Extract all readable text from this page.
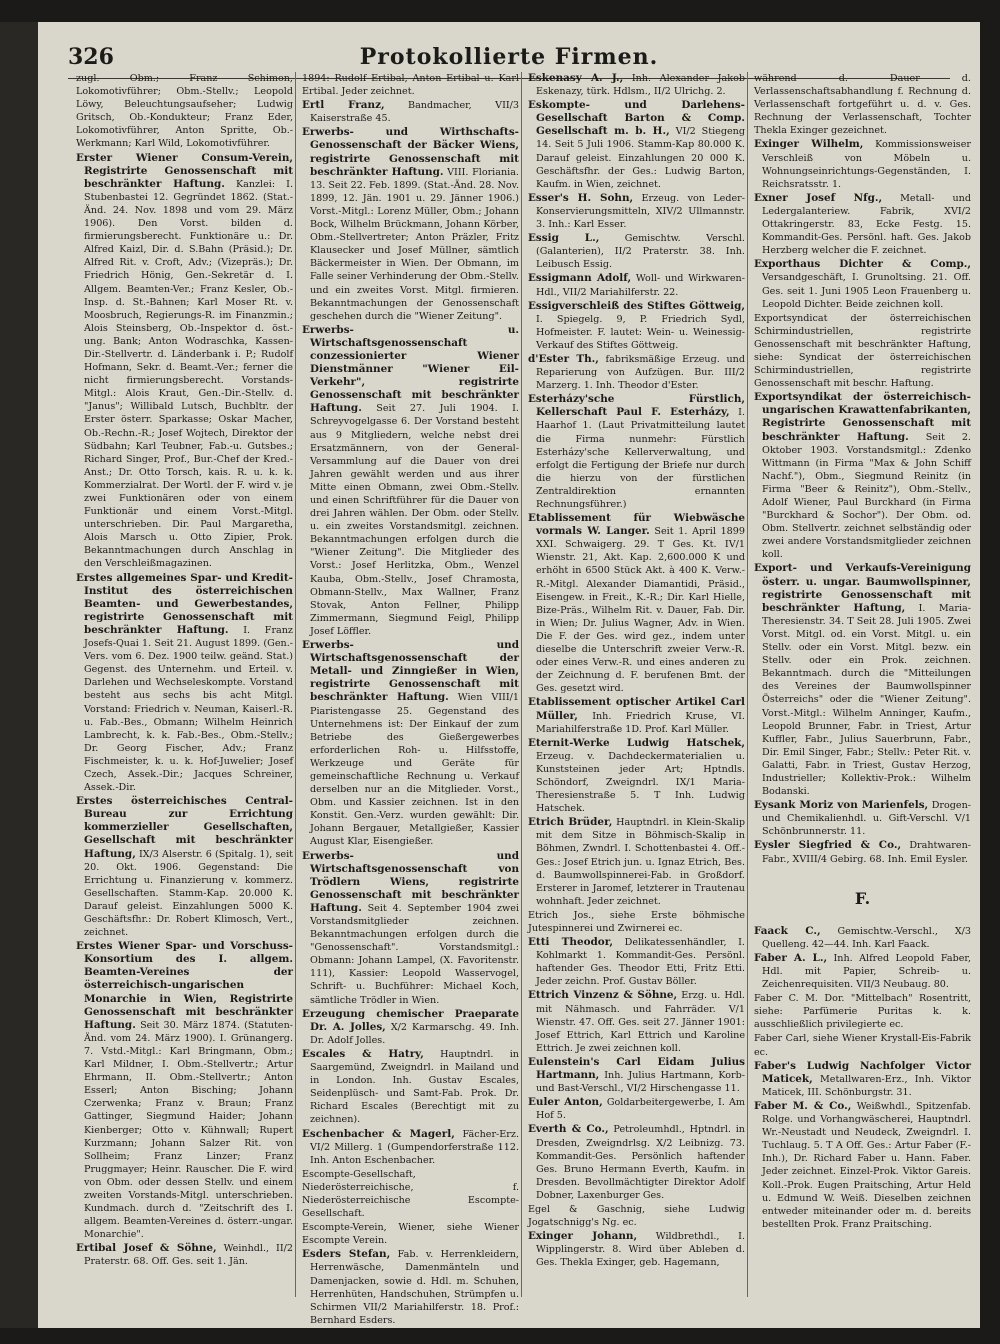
326	Protokollierte Firmen.
zugl. Obm.; Franz Schimon, Lokomotivführer; Obm.-Stellv.; Leopold Löwy, Beleuchtungsaufseher; Ludwig Gritsch, Ob.-Kondukteur; Franz Eder, Lokomotivführer, Anton Spritte, Ob.-Werkmann; Karl Wild, Lokomotivführer.
Erster Wiener Consum-Verein, Registrirte Genossenschaft mit beschränkter Haftung. Kanzlei: I. Stubenbastei 12. Gegründet 1862. (Stat.-Änd. 24. Nov. 1898 und vom 29. März 1906). Den Vorst. bilden d. firmierungsberecht. Funktionäre u.: Dr. Alfred Kaizl, Dir. d. S.Bahn (Präsid.); Dr. Alfred Rit. v. Croft, Adv.; (Vizepräs.); Dr. Friedrich Hönig, Gen.-Sekretär d. I. Allgem. Beamten-Ver.; Franz Kesler, Ob.-Insp. d. St.-Bahnen; Karl Moser Rt. v. Moosbruch, Regierungs-R. im Finanzmin.; Alois Steinsberg, Ob.-Inspektor d. öst.-ung. Bank; Anton Wodraschka, Kassen-Dir.-Stellvertr. d. Länderbank i. P.; Rudolf Hofmann, Sekr. d. Beamt.-Ver.; ferner die nicht firmierungsberecht. Vorstands-Mitgl.: Alois Kraut, Gen.-Dir.-Stellv. d. "Janus"; Willibald Lutsch, Buchbltr. der Erster österr. Sparkasse; Oskar Macher, Ob.-Rechn.-R.; Josef Wojtech, Direktor der Südbahn; Karl Teubner, Fab.-u. Gutsbes.; Richard Singer, Prof., Bur.-Chef der Kred.-Anst.; Dr. Otto Torsch, kais. R. u. k. k. Kommerzialrat. Der Wortl. der F. wird v. je zwei Funktionären oder von einem Funktionär und einem Vorst.-Mitgl. unterschrieben. Dir. Paul Margaretha, Alois Marsch u. Otto Zipier, Prok. Bekanntmachungen durch Anschlag in den Verschleißmagazinen.
Erstes allgemeines Spar- und Kredit-Institut des österreichischen Beamten- und Gewerbestandes, registrirte Genossenschaft mit beschränkter Haftung. I. Franz Josefs-Quai 1. Seit 21. August 1899. (Gen.-Vers. vom 6. Dez. 1900 teilw. geänd. Stat.) Gegenst. des Unternehm. und Erteil. v. Darlehen und Wechseleskompte. Vorstand besteht aus sechs bis acht Mitgl. Vorstand: Friedrich v. Neuman, Kaiserl.-R. u. Fab.-Bes., Obmann; Wilhelm Heinrich Lambrecht, k. k. Fab.-Bes., Obm.-Stellv.; Dr. Georg Fischer, Adv.; Franz Fischmeister, k. u. k. Hof-Juwelier; Josef Czech, Assek.-Dir.; Jacques Schreiner, Assek.-Dir.
Erstes österreichisches Central-Bureau zur Errichtung kommerzieller Gesellschaften, Gesellschaft mit beschränkter Haftung, IX/3 Alserstr. 6 (Spitalg. 1), seit 20. Okt. 1906. Gegenstand: Die Errichtung u. Finanzierung v. kommerz. Gesellschaften. Stamm-Kap. 20.000 K. Darauf geleist. Einzahlungen 5000 K. Geschäftsfhr.: Dr. Robert Klimosch, Vert., zeichnet.
Erstes Wiener Spar- und Vorschuss-Konsortium des I. allgem. Beamten-Vereines der österreichisch-ungarischen Monarchie in Wien, Registrirte Genossenschaft mit beschränkter Haftung. Seit 30. März 1874. (Statuten-Änd. vom 24. März 1900). I. Grünangerg. 7. Vstd.-Mitgl.: Karl Bringmann, Obm.; Karl Mildner, I. Obm.-Stellvertr.; Artur Ehrmann, II. Obm.-Stellvertr.; Anton Esserl; Anton Bisching; Johann Czerwenka; Franz v. Braun; Franz Gattinger, Siegmund Haider; Johann Kienberger; Otto v. Kühnwall; Rupert Kurzmann; Johann Salzer Rit. von Sollheim; Franz Linzer; Franz Pruggmayer; Heinr. Rauscher. Die F. wird von Obm. oder dessen Stellv. und einem zweiten Vorstands-Mitgl. unterschrieben. Kundmach. durch d. "Zeitschrift des I. allgem. Beamten-Vereines d. österr.-ungar. Monarchie".
Ertibal Josef & Söhne, Weinhdl., II/2 Praterstr. 68. Off. Ges. seit 1. Jän.
1894: Rudolf Ertibal, Anton Ertibal u. Karl Ertibal. Jeder zeichnet.
Ertl Franz, Bandmacher, VII/3 Kaiserstraße 45.
Erwerbs- und Wirthschafts-Genossenschaft der Bäcker Wiens, registrirte Genossenschaft mit beschränkter Haftung. VIII. Floriania. 13. Seit 22. Feb. 1899. (Stat.-Änd. 28. Nov. 1899, 12. Jän. 1901 u. 29. Jänner 1906.) Vorst.-Mitgl.: Lorenz Müller, Obm.; Johann Bock, Wilhelm Brückmann, Johann Körber, Obm.-Stellvertreter; Anton Präzler, Fritz Klausecker und Josef Müllner, sämtlich Bäckermeister in Wien. Der Obmann, im Falle seiner Verhinderung der Obm.-Stellv. und ein zweites Vorst. Mitgl. firmieren. Bekanntmachungen der Genossenschaft geschehen durch die "Wiener Zeitung".
Erwerbs- u. Wirtschaftsgenossenschaft conzessionierter Wiener Dienstmänner "Wiener Eil-Verkehr", registrirte Genossenschaft mit beschränkter Haftung. Seit 27. Juli 1904. I. Schreyvogelgasse 6. Der Vorstand besteht aus 9 Mitgliedern, welche nebst drei Ersatzmännern, von der General-Versammlung auf die Dauer von drei Jahren gewählt werden und aus ihrer Mitte einen Obmann, zwei Obm.-Stellv. und einen Schriftführer für die Dauer von drei Jahren wählen. Der Obm. oder Stellv. u. ein zweites Vorstandsmitgl. zeichnen. Bekanntmachungen erfolgen durch die "Wiener Zeitung". Die Mitglieder des Vorst.: Josef Herlitzka, Obm., Wenzel Kauba, Obm.-Stellv., Josef Chramosta, Obmann-Stellv., Max Wallner, Franz Stovak, Anton Fellner, Philipp Zimmermann, Siegmund Feigl, Philipp Josef Löffler.
Erwerbs- und Wirtschaftsgenossenschaft der Metall- und Zinngießer in Wien, registrirte Genossenschaft mit beschränkter Haftung. Wien VIII/1 Piaristengasse 25. Gegenstand des Unternehmens ist: Der Einkauf der zum Betriebe des Gießergewerbes erforderlichen Roh- u. Hilfsstoffe, Werkzeuge und Geräte für gemeinschaftliche Rechnung u. Verkauf derselben nur an die Mitglieder. Vorst., Obm. und Kassier zeichnen. Ist in den Konstit. Gen.-Verz. wurden gewählt: Dir. Johann Bergauer, Metallgießer, Kassier August Klar, Eisengießer.
Erwerbs- und Wirtschaftsgenossenschaft von Trödlern Wiens, registrirte Genossenschaft mit beschränkter Haftung. Seit 4. September 1904 zwei Vorstandsmitglieder zeichnen. Bekanntmachungen erfolgen durch die "Genossenschaft". Vorstandsmitgl.: Obmann: Johann Lampel, (X. Favoritenstr. 111), Kassier: Leopold Wasservogel, Schrift- u. Buchführer: Michael Koch, sämtliche Trödler in Wien.
Erzeugung chemischer Praeparate Dr. A. Jolles, X/2 Karmarschg. 49. Inh. Dr. Adolf Jolles.
Escales & Hatry, Hauptndrl. in Saargemünd, Zweigndrl. in Mailand und in London. Inh. Gustav Escales, Seidenplüsch- und Samt-Fab. Prok. Dr. Richard Escales (Berechtigt mit zu zeichnen).
Eschenbacher & Magerl, Fächer-Erz. VI/2 Millerg. 1 (Gumpendorferstraße 112. Inh. Anton Eschenbacher.
Escompte-Gesellschaft, Niederösterreichische, f. Niederösterreichische Escompte-Gesellschaft.
Escompte-Verein, Wiener, siehe Wiener Escompte Verein.
Esders Stefan, Fab. v. Herrenkleidern, Herrenwäsche, Damenmänteln und Damenjacken, sowie d. Hdl. m. Schuhen, Herrenhüten, Handschuhen, Strümpfen u. Schirmen VII/2 Mariahilferstr. 18. Prof.: Bernhard Esders.
Eskenasy A. J., Inh. Alexander Jakob Eskenazy, türk. Hdlsm., II/2 Ulrichg. 2.
Eskompte- und Darlehens-Gesellschaft Barton & Comp. Gesellschaft m. b. H., VI/2 Stiegeng 14. Seit 5 Juli 1906. Stamm-Kap 80.000 K. Darauf geleist. Einzahlungen 20 000 K. Geschäftsfhr. der Ges.: Ludwig Barton, Kaufm. in Wien, zeichnet.
Esser's H. Sohn, Erzeug. von Leder-Konservierungsmitteln, XIV/2 Ullmannstr. 3. Inh.: Karl Esser.
Essig L.,	Gemischtw. Verschl. (Galanterien), II/2 Praterstr. 38. Inh. Leibusch Essig.
Essigmann Adolf, Woll- und Wirkwaren-Hdl., VII/2 Mariahilferstr. 22.
Essigverschleiß des Stiftes Göttweig, I. Spiegelg. 9, P. Friedrich Sydl, Hofmeister. F. lautet: Wein- u. Weinessig-Verkauf des Stiftes Göttweig.
d'Ester Th., fabriksmäßige Erzeug. und Reparierung von Aufzügen. Bur. III/2 Marzerg. 1. Inh. Theodor d'Ester.
Esterházy'sche Fürstlich, Kellerschaft Paul F. Esterházy, I. Haarhof 1. (Laut Privatmitteilung lautet die Firma nunmehr: Fürstlich Esterházy'sche Kellerverwaltung, und erfolgt die Fertigung der Briefe nur durch die hierzu von der fürstlichen Zentraldirektion ernannten Rechnungsführer.)
Etablissement für Wiebwäsche vormals W. Langer. Seit 1. April 1899 XXI. Schwaigerg. 29. T Ges. Kt. IV/1 Wienstr. 21, Akt. Kap. 2,600.000 K und erhöht in 6500 Stück Akt. à 400 K. Verw.-R.-Mitgl. Alexander Diamantidi, Präsid., Eisengew. in Freit., K.-R.; Dir. Karl Hielle, Bize-Präs., Wilhelm Rit. v. Dauer, Fab. Dir. in Wien; Dr. Julius Wagner, Adv. in Wien. Die F. der Ges. wird gez., indem unter dieselbe die Unterschrift zweier Verw.-R. oder eines Verw.-R. und eines anderen zu der Zeichnung d. F. berufenen Bmt. der Ges. gesetzt wird.
Etablissement optischer Artikel Carl Müller, Inh. Friedrich Kruse, VI. Mariahilferstraße 1D. Prof. Karl Müller.
Eternit-Werke Ludwig Hatschek, Erzeug. v. Dachdeckermaterialien u. Kunststeinen jeder Art; Hptndls. Schöndorf, Zweigndrl. IX/1 Maria-Theresienstraße 5. T Inh. Ludwig Hatschek.
Etrich Brüder, Hauptndrl. in Klein-Skalip mit dem Sitze in Böhmisch-Skalip in Böhmen, Zwndrl. I. Schottenbastei 4. Off.-Ges.: Josef Etrich jun. u. Ignaz Etrich, Bes. d. Baumwollspinnerei-Fab. in Großdorf. Ersterer in Jaromef, letzterer in Trautenau wohnhaft. Jeder zeichnet.
Etrich Jos., siehe Erste böhmische Jutespinnerei und Zwirnerei ec.
Etti Theodor, Delikatessenhändler, I. Kohlmarkt 1. Kommandit-Ges. Persönl. haftender Ges. Theodor Etti, Fritz Etti. Jeder zeichn. Prof. Gustav Böller.
Ettrich Vinzenz & Söhne, Erzg. u. Hdl. mit Nähmasch. und Fahrräder. V/1 Wienstr. 47. Off. Ges. seit 27. Jänner 1901: Josef Ettrich, Karl Ettrich und Karoline Ettrich. Je zwei zeichnen koll.
Eulenstein's Carl Eidam Julius Hartmann, Inh. Julius Hartmann, Korb- und Bast-Verschl., VI/2 Hirschengasse 11.
Euler Anton, Goldarbeitergewerbe, I. Am Hof 5.
Everth & Co., Petroleumhdl., Hptndrl. in Dresden, Zweigndrlsg. X/2 Leibnizg. 73. Kommandit-Ges. Persönlich haftender Ges. Bruno Hermann Everth, Kaufm. in Dresden. Bevollmächtigter Direktor Adolf Dobner, Laxenburger Ges.
Egel & Gaschnig, siehe Ludwig Jogatschnigg's Ng. ec.
Exinger Johann, Wildbrethdl., I. Wipplingerstr. 8. Wird über Ableben d. Ges. Thekla Exinger, geb. Hagemann,
während d. Dauer d. Verlassenschaftsabhandlung f. Rechnung d. Verlassenschaft fortgeführt u. d. v. Ges. Rechnung der Verlassenschaft, Tochter Thekla Exinger gezeichnet.
Exinger Wilhelm, Kommissionsweiser Verschleiß von Möbeln u. Wohnungseinrichtungs-Gegenständen, I. Reichsratsstr. 1.
Exner Josef Nfg., Metall- und Ledergalanteriew. Fabrik, XVI/2 Ottakringerstr. 83, Ecke Festg. 15. Kommandit-Ges. Persönl. haft. Ges. Jakob Herzberg welcher die F. zeichnet.
Exporthaus Dichter & Comp., Versandgeschäft, I. Grunoltsing. 21. Off. Ges. seit 1. Juni 1905 Leon Frauenberg u. Leopold Dichter. Beide zeichnen koll.
Exportsyndicat der österreichischen Schirmindustriellen, registrirte Genossenschaft mit beschränkter Haftung, siehe: Syndicat der österreichischen Schirmindustriellen, registrirte Genossenschaft mit beschr. Haftung.
Exportsyndikat der österreichisch-ungarischen Krawattenfabrikanten, Registrirte Genossenschaft mit beschränkter Haftung. Seit 2. Oktober 1903. Vorstandsmitgl.: Zdenko Wittmann (in Firma "Max & John Schiff Nachf."), Obm., Siegmund Reinitz (in Firma "Beer & Reinitz"), Obm.-Stellv., Adolf Wiener, Paul Burckhard (in Firma "Burckhard & Sochor"). Der Obm. od. Obm. Stellvertr. zeichnet selbständig oder zwei andere Vorstandsmitglieder zeichnen koll.
Export- und Verkaufs-Vereinigung österr. u. ungar. Baumwollspinner, registrirte Genossenschaft mit beschränkter Haftung, I. Maria-Theresienstr. 34. T Seit 28. Juli 1905. Zwei Vorst. Mitgl. od. ein Vorst. Mitgl. u. ein Stellv. oder ein Vorst. Mitgl. bezw. ein Stellv. oder ein Prok. zeichnen. Bekanntmach. durch die "Mitteilungen des Vereines der Baumwollspinner Österreichs" oder die "Wiener Zeitung". Vorst.-Mitgl.: Wilhelm Anninger, Kaufm., Leopold Brunner, Fabr. in Triest, Artur Kuffler, Fabr., Julius Sauerbrunn, Fabr., Dir. Emil Singer, Fabr.; Stellv.: Peter Rit. v. Galatti, Fabr. in Triest, Gustav Herzog, Industrieller; Kollektiv-Prok.: Wilhelm Bodanski.
Eysank Moriz von Marienfels, Drogen- und Chemikalienhdl. u. Gift-Verschl. V/1 Schönbrunnerstr. 11.
Eysler Siegfried & Co., Drahtwaren-Fabr., XVIII/4 Gebirg. 68. Inh. Emil Eysler.
F.
Faack C., Gemischtw.-Verschl., X/3 Quelleng. 42—44. Inh. Karl Faack.
Faber A. L., Inh. Alfred Leopold Faber, Hdl. mit Papier, Schreib- u. Zeichenrequisiten. VII/3 Neubaug. 80.
Faber C. M. Dor. "Mittelbach" Rosentritt, siehe: Parfümerie Puritas k. k. ausschließlich privilegierte ec.
Faber Carl, siehe Wiener Krystall-Eis-Fabrik ec.
Faber's Ludwig Nachfolger Victor Maticek, Metallwaren-Erz., Inh. Viktor Maticek, III. Schönburgstr. 31.
Faber M. & Co., Weißwhdl., Spitzenfab. Rolge. und Vorhangwäscherei, Hauptndrl. Wr.-Neustadt und Neudeck, Zweigndrl. I. Tuchlaug. 5. T A Off. Ges.: Artur Faber (F.-Inh.), Dr. Richard Faber u. Hann. Faber. Jeder zeichnet. Einzel-Prok. Viktor Gareis. Koll.-Prok. Eugen Praitsching, Artur Held u. Edmund W. Weiß. Dieselben zeichnen entweder miteinander oder m. d. bereits bestellten Prok. Franz Praitsching.
